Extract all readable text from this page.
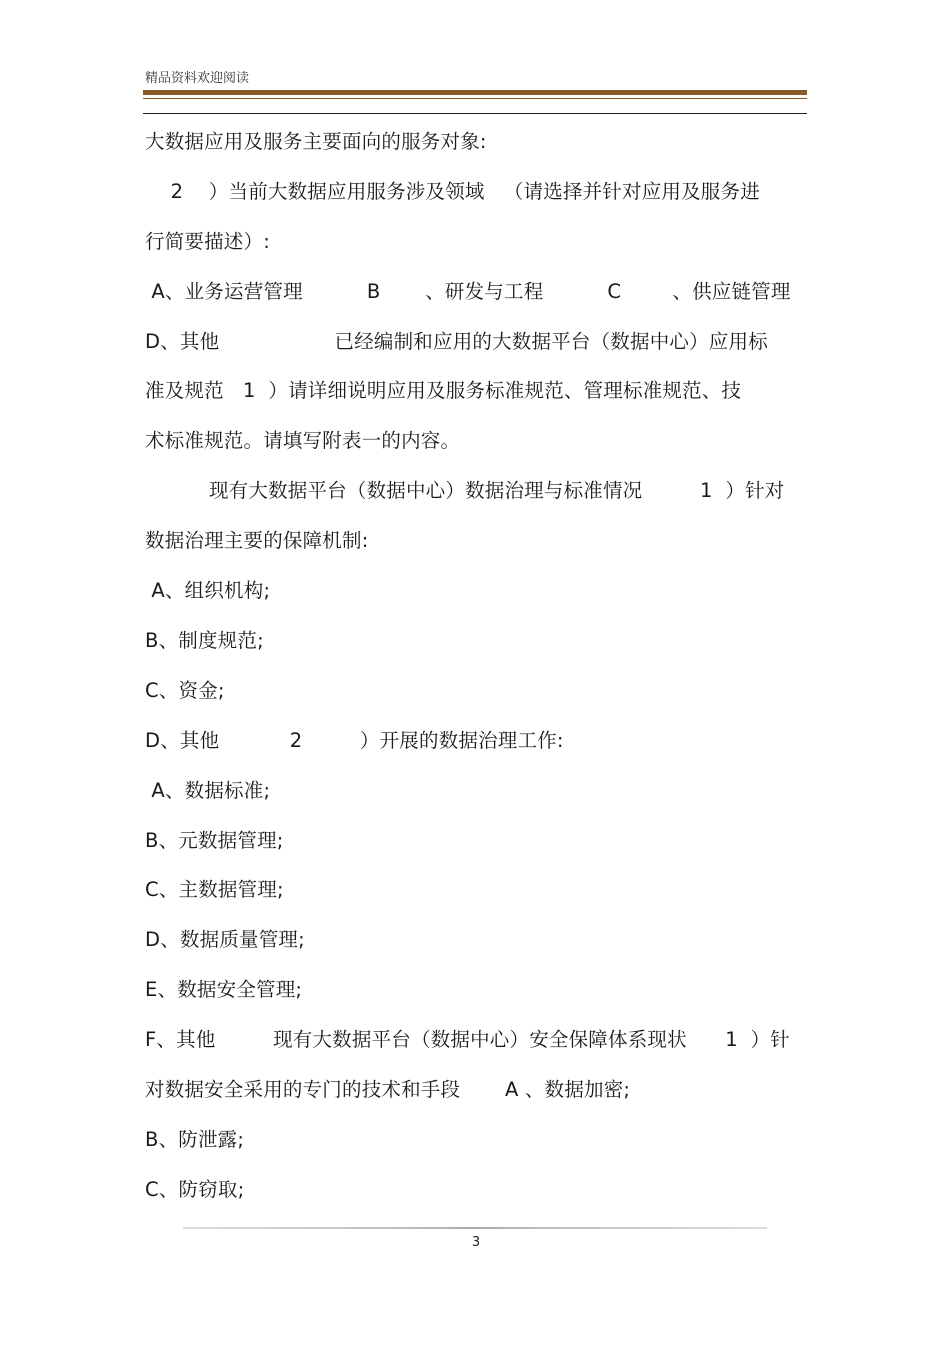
精品资料欢迎阅读
大数据应用及服务主要面向的服务对象:
2    ）当前大数据应用服务涉及领域   （请选择并针对应用及服务进
行简要描述）:
A、业务运营管理          B       、研发与工程          C        、供应链管理
D、其他                  已经编制和应用的大数据平台（数据中心）应用标
准及规范   1  ）请详细说明应用及服务标准规范、管理标准规范、技
术标准规范。请填写附表一的内容。
现有大数据平台（数据中心）数据治理与标准情况         1  ）针对
数据治理主要的保障机制:
A、组织机构;
B、制度规范;
C、资金;
D、其他           2         ）开展的数据治理工作:
A、数据标准;
B、元数据管理;
C、主数据管理;
D、数据质量管理;
E、数据安全管理;
F、其他         现有大数据平台（数据中心）安全保障体系现状      1  ）针
对数据安全采用的专门的技术和手段       A 、数据加密;
B、防泄露;
C、防窃取;
3
